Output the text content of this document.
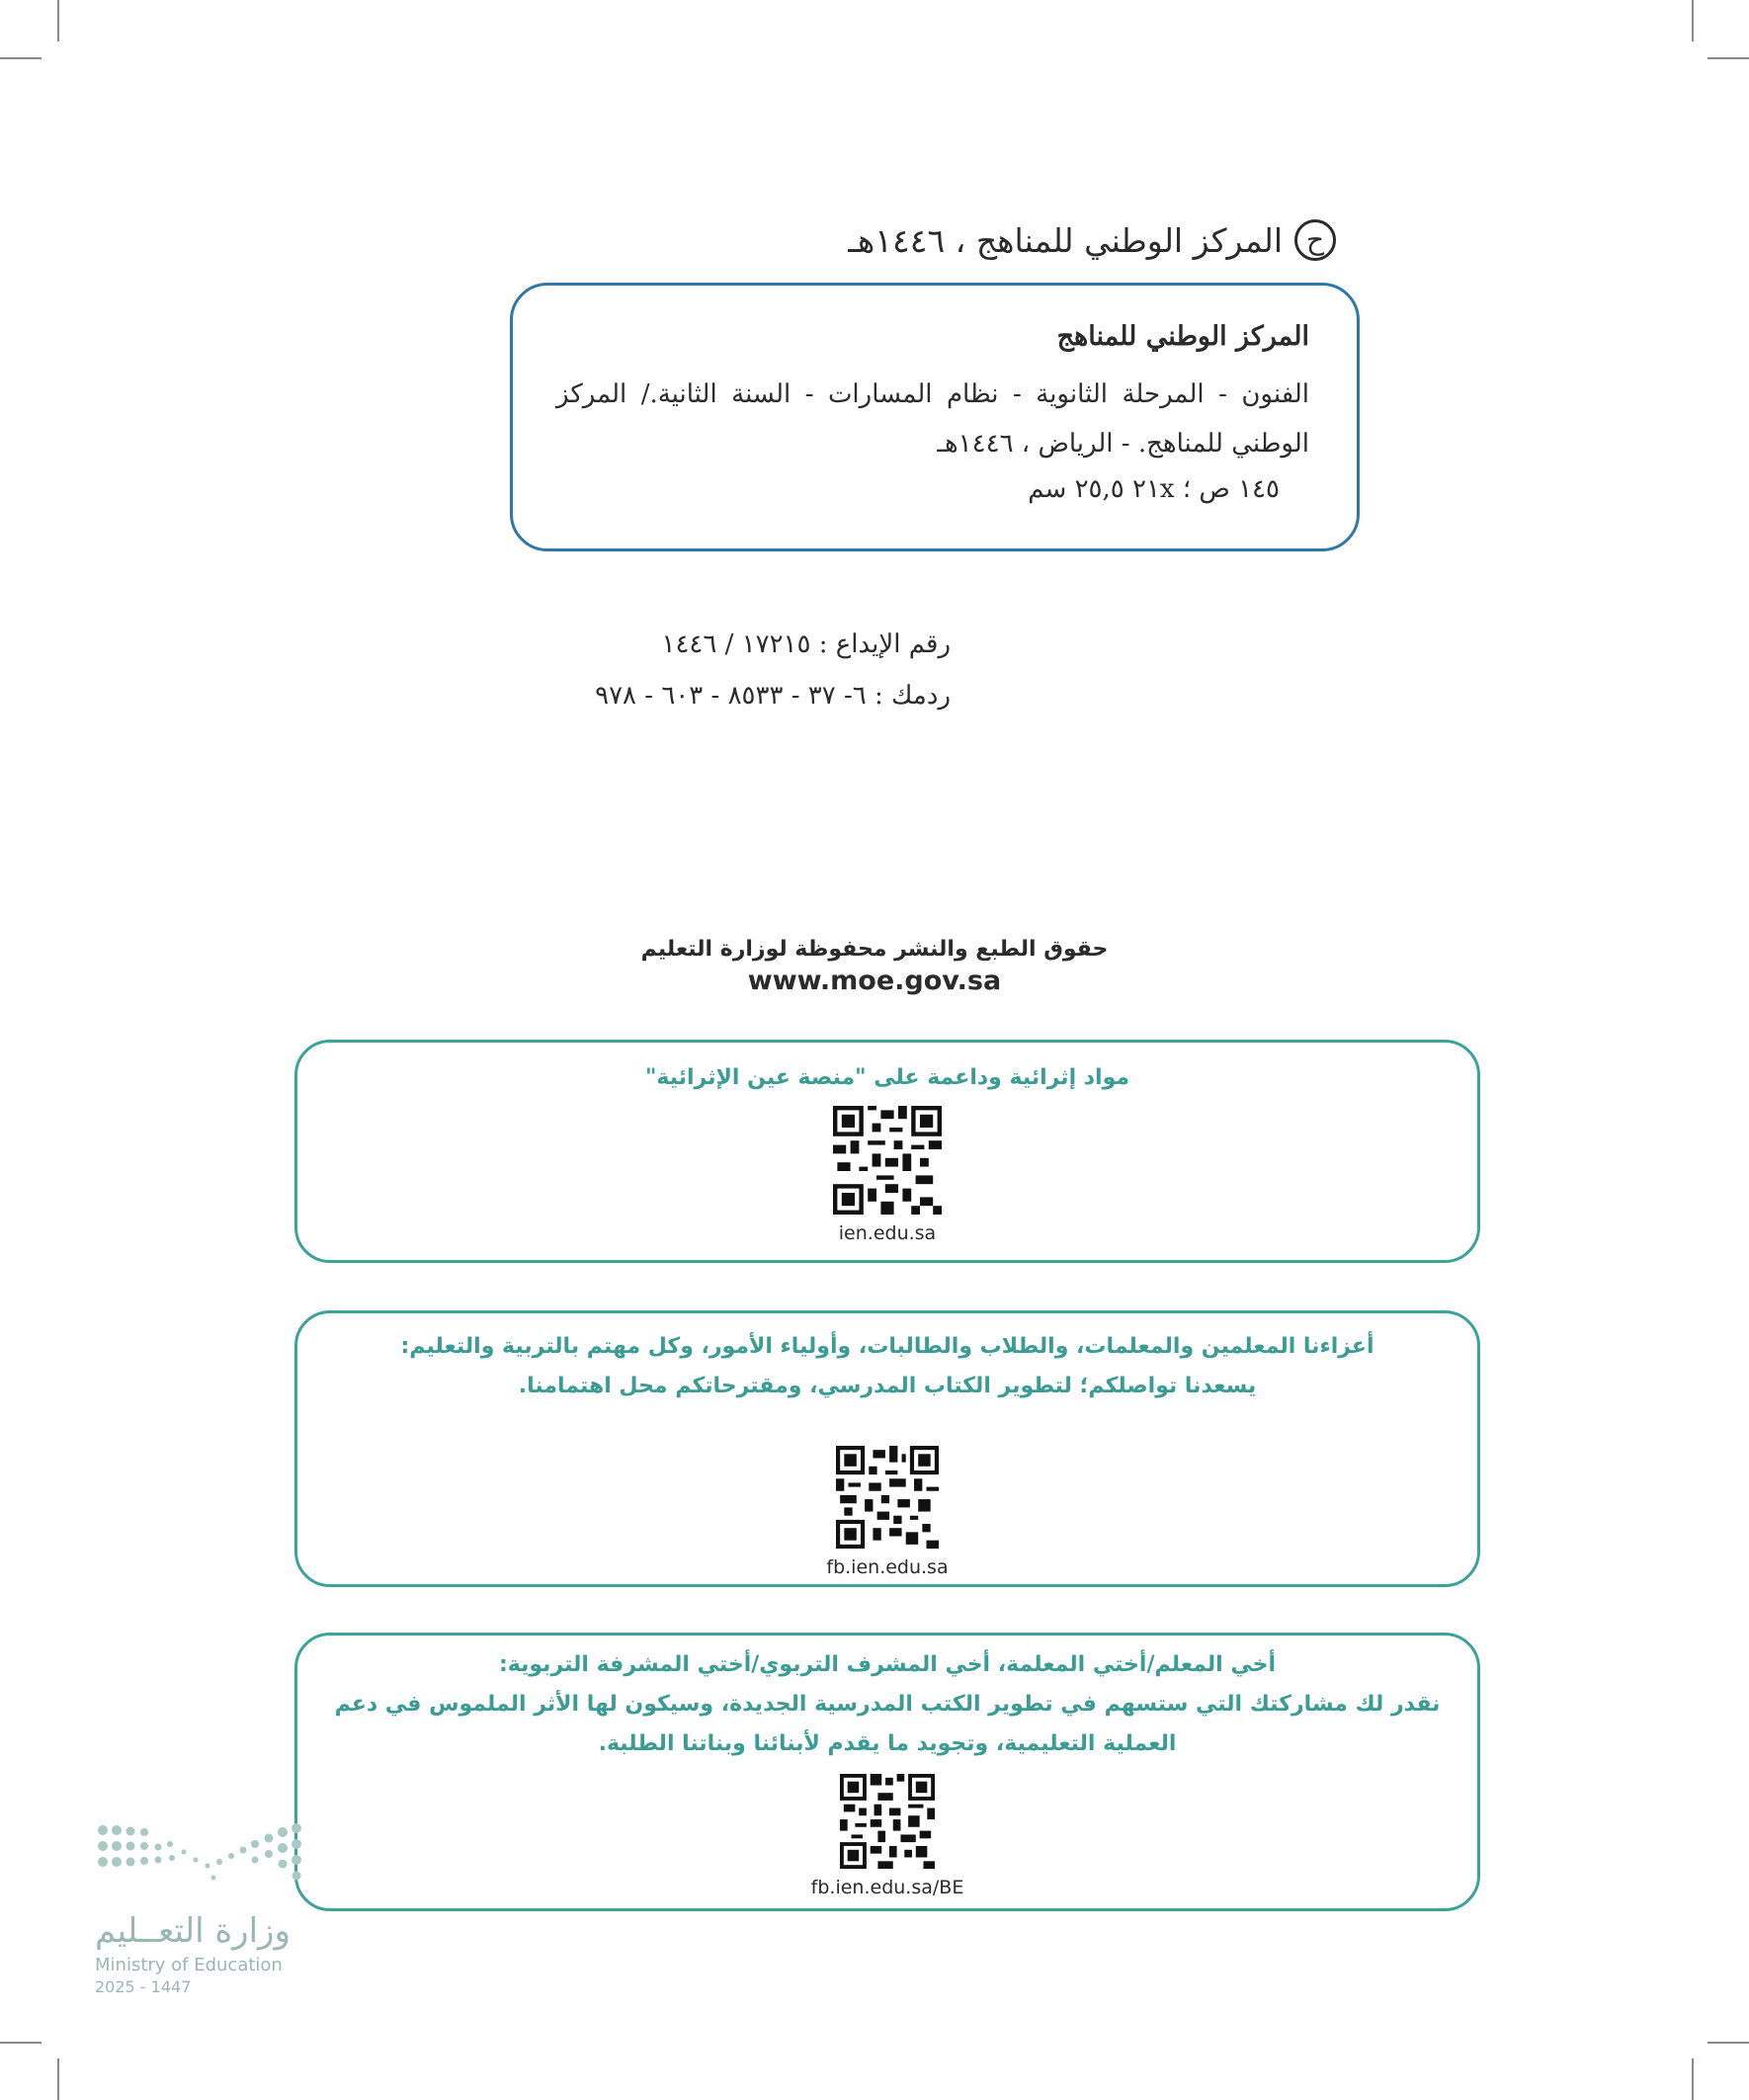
ح
المركز الوطني للمناهج ، ١٤٤٦هـ
المركز الوطني للمناهج
الفنون - المرحلة الثانوية - نظام المسارات - السنة الثانية./ المركز الوطني للمناهج. - الرياض ، ١٤٤٦هـ
١٤٥ ص ؛ ٢١x ٢٥,٥ سم
رقم الإيداع : ١٧٢١٥ / ١٤٤٦
ردمك : ٦- ٣٧ - ٨٥٣٣ - ٦٠٣ - ٩٧٨
حقوق الطبع والنشر محفوظة لوزارة التعليم
www.moe.gov.sa
مواد إثرائية وداعمة على "منصة عين الإثرائية"
ien.edu.sa
أعزاءنا المعلمين والمعلمات، والطلاب والطالبات، وأولياء الأمور، وكل مهتم بالتربية والتعليم:
يسعدنا تواصلكم؛ لتطوير الكتاب المدرسي، ومقترحاتكم محل اهتمامنا.
fb.ien.edu.sa
أخي المعلم/أختي المعلمة، أخي المشرف التربوي/أختي المشرفة التربوية:
نقدر لك مشاركتك التي ستسهم في تطوير الكتب المدرسية الجديدة، وسيكون لها الأثر الملموس في دعم
العملية التعليمية، وتجويد ما يقدم لأبنائنا وبناتنا الطلبة.
fb.ien.edu.sa/BE
وزارة التعــليم
Ministry of Education
2025 - 1447
